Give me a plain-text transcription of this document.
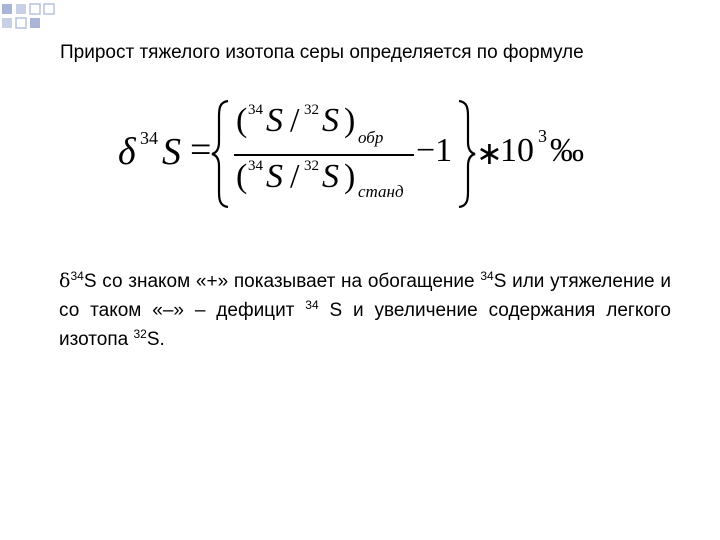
Прирост тяжелого изотопа серы определяется по формуле
δ 34 S =
( 34 S / 32 S ) обр
( 34 S / 32 S ) станд
−1 ∗
10 3 ‰

$\delta^{34}S$ со знаком «+» показывает на обогащение $^{34}$S или утяжеление и со таком «–» – дефицит $^{34}$ S и увеличение содержания легкого изотопа $^{32}$S.
